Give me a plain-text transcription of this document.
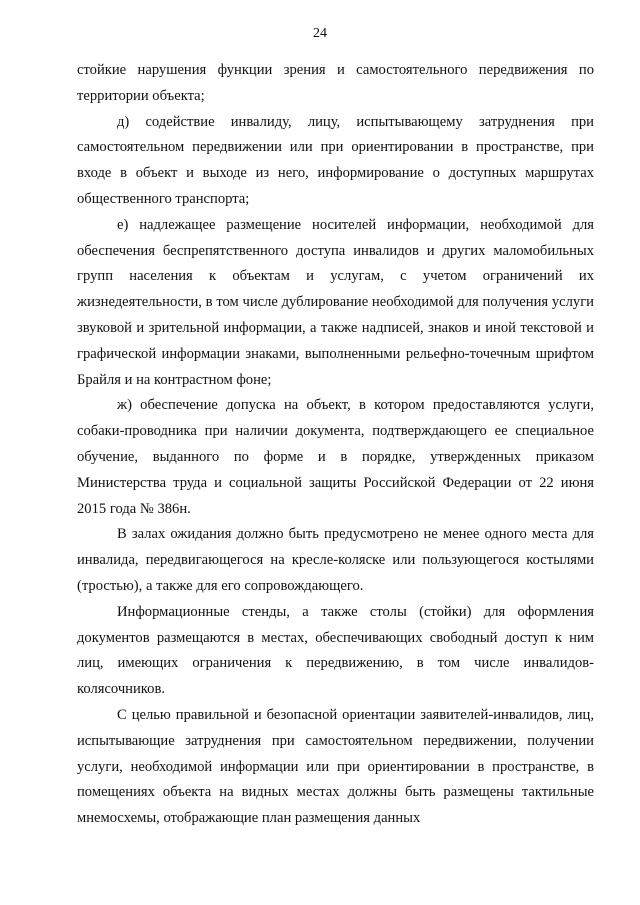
24

стойкие нарушения функции зрения и самостоятельного передвижения по территории объекта;

д) содействие инвалиду, лицу, испытывающему затруднения при самостоятельном передвижении или при ориентировании в пространстве, при входе в объект и выходе из него, информирование о доступных маршрутах общественного транспорта;

е) надлежащее размещение носителей информации, необходимой для обеспечения беспрепятственного доступа инвалидов и других маломобильных групп населения к объектам и услугам, с учетом ограничений их жизнедеятельности, в том числе дублирование необходимой для получения услуги звуковой и зрительной информации, а также надписей, знаков и иной текстовой и графической информации знаками, выполненными рельефно-точечным шрифтом Брайля и на контрастном фоне;

ж) обеспечение допуска на объект, в котором предоставляются услуги, собаки-проводника при наличии документа, подтверждающего ее специальное обучение, выданного по форме и в порядке, утвержденных приказом Министерства труда и социальной защиты Российской Федерации от 22 июня 2015 года № 386н.

В залах ожидания должно быть предусмотрено не менее одного места для инвалида, передвигающегося на кресле-коляске или пользующегося костылями (тростью), а также для его сопровождающего.

Информационные стенды, а также столы (стойки) для оформления документов размещаются в местах, обеспечивающих свободный доступ к ним лиц, имеющих ограничения к передвижению, в том числе инвалидов-колясочников.

С целью правильной и безопасной ориентации заявителей-инвалидов, лиц, испытывающие затруднения при самостоятельном передвижении, получении услуги, необходимой информации или при ориентировании в пространстве, в помещениях объекта на видных местах должны быть размещены тактильные мнемосхемы, отображающие план размещения данных
